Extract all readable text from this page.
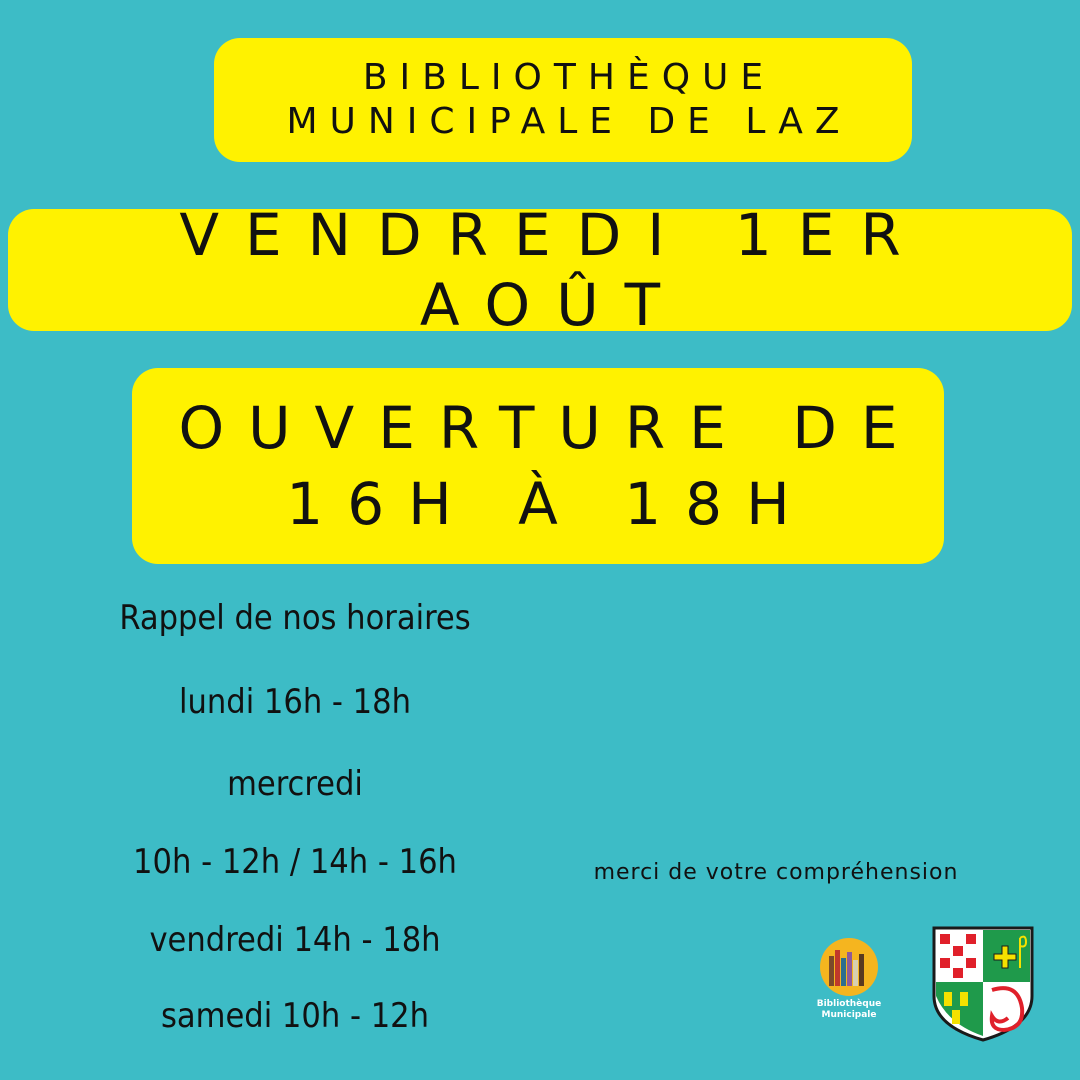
BIBLIOTHÈQUE
MUNICIPALE DE LAZ
VENDREDI 1ER AOÛT
OUVERTURE DE
16H À 18H
Rappel de nos horaires
lundi 16h - 18h
mercredi
10h - 12h / 14h - 16h
vendredi 14h - 18h
samedi 10h - 12h
merci de votre compréhension
Bibliothèque
Municipale
